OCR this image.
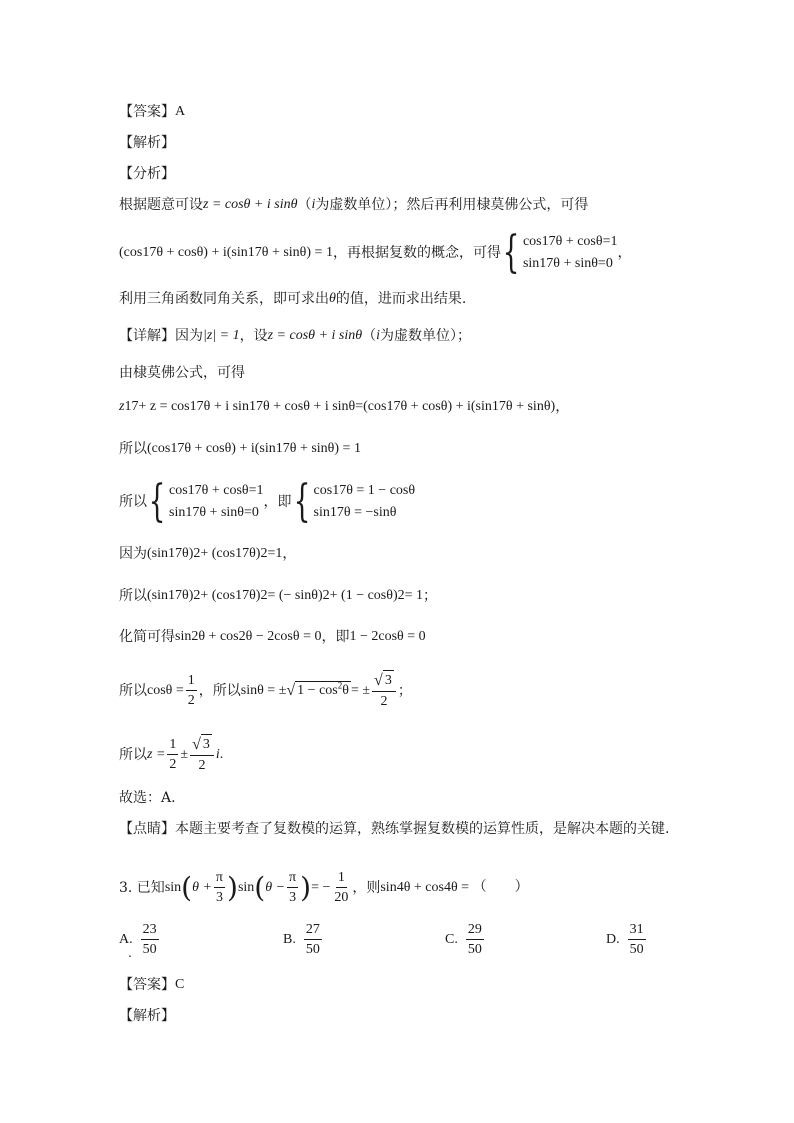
【答案】 A
【解析】
【分析】
根据题意可设 z = cosθ + i sinθ （ i 为虚数单位）；然后再利用棣莫佛公式，可得
(cos17θ + cosθ) + i(sin17θ + sinθ) = 1 ，再根据复数的概念，可得 { cos17θ + cosθ=1
sin17θ + sinθ=0
，
利用三角函数同角关系，即可求出 θ 的值，进而求出结果.
【详解】 因为 |z| = 1 ，设 z = cosθ + i sinθ （ i 为虚数单位）；
由棣莫佛公式，可得
z 17 + z = cos17θ + i sin17θ + cosθ + i sinθ=(cos17θ + cosθ) + i(sin17θ + sinθ) ，
所以 (cos17θ + cosθ) + i(sin17θ + sinθ) = 1
所以 { cos17θ + cosθ=1
sin17θ + sinθ=0
，即 { cos17θ = 1 − cosθ
sin17θ = −sinθ
因为 (sin17θ) 2 + (cos17θ) 2 =1 ，
所以 (sin17θ) 2 + (cos17θ) 2 = (− sinθ) 2 + (1 − cosθ) 2 = 1 ；
化简可得 sin 2 θ + cos 2 θ − 2cosθ = 0 ，即 1 − 2cosθ = 0
所以 $\cos\theta = \frac{1}{2}$ ，所以 sinθ = ± √ $1 - \cos^2\theta$ = ± $\frac{√ 3}{2}$ ；
所以 $z = \frac{1}{2} \pm \frac{√ 3}{2}$ i .
故选：A.
【点睛】 本题主要考查了复数模的运算，熟练掌握复数模的运算性质，是解决本题的关键.
3. 已知 sin ( $\theta + \frac{\pi}{3}$ ) sin ( $\theta - \frac{\pi}{3}$ ) = − $\frac{1}{20}$ ，则 sin 4 θ + cos 4 θ = （　　）
A. $\frac{23}{50}$	B. $\frac{27}{50}$	C. $\frac{29}{50}$	D. $\frac{31}{50}$
.
【答案】 C
【解析】
